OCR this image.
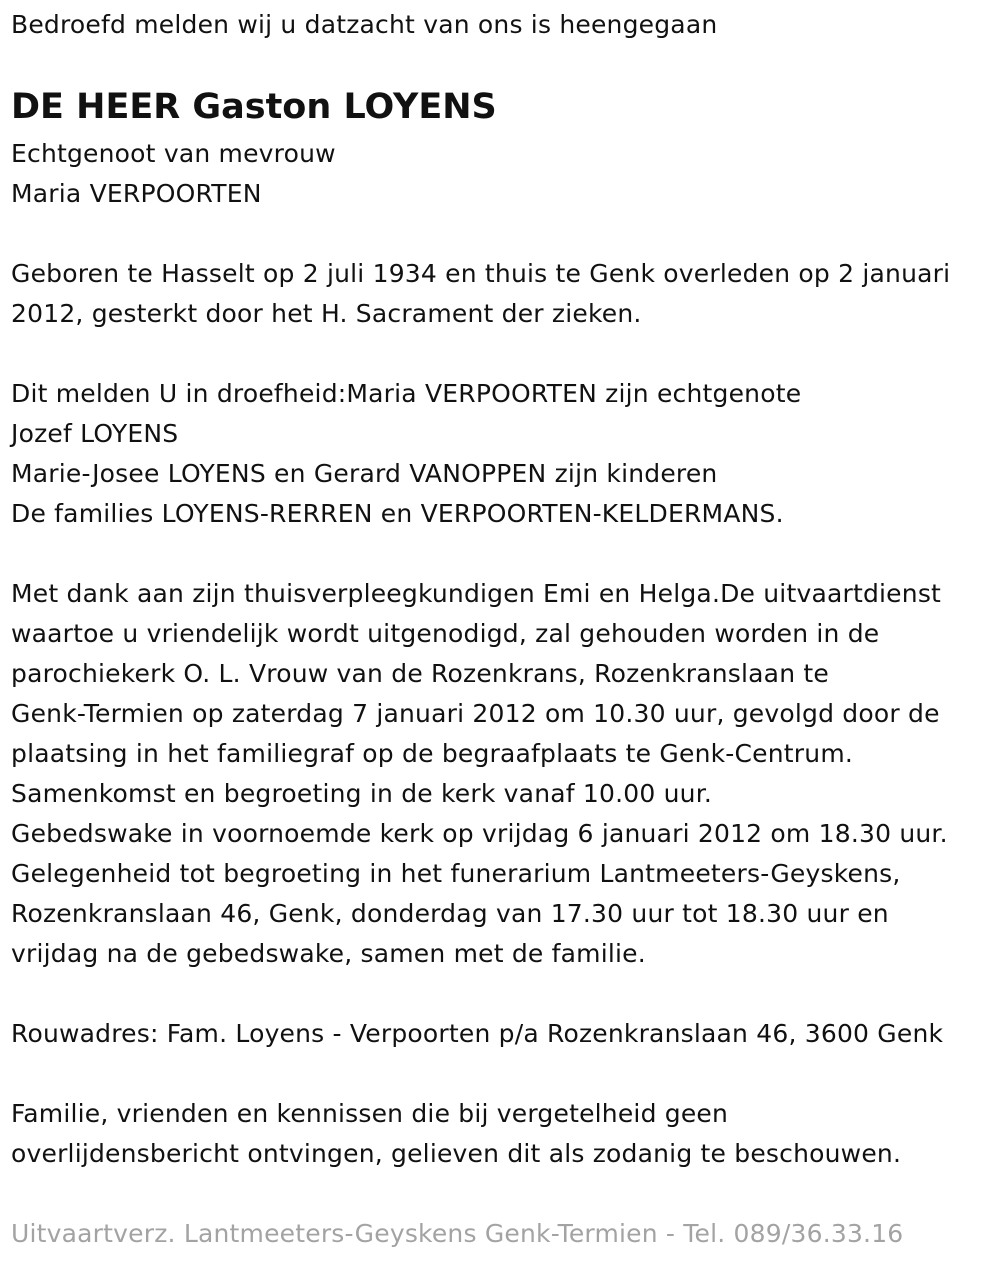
Bedroefd melden wij u datzacht van ons is heengegaan
DE HEER Gaston LOYENS
Echtgenoot van mevrouw
Maria VERPOORTEN
Geboren te Hasselt op 2 juli 1934 en thuis te Genk overleden op 2 januari
2012, gesterkt door het H. Sacrament der zieken.
Dit melden U in droefheid:Maria VERPOORTEN zijn echtgenote
Jozef LOYENS
Marie-Josee LOYENS en Gerard VANOPPEN zijn kinderen
De families LOYENS-RERREN en VERPOORTEN-KELDERMANS.
Met dank aan zijn thuisverpleegkundigen Emi en Helga.De uitvaartdienst
waartoe u vriendelijk wordt uitgenodigd, zal gehouden worden in de
parochiekerk O. L. Vrouw van de Rozenkrans, Rozenkranslaan te
Genk-Termien op zaterdag 7 januari 2012 om 10.30 uur, gevolgd door de
plaatsing in het familiegraf op de begraafplaats te Genk-Centrum.
Samenkomst en begroeting in de kerk vanaf 10.00 uur.
Gebedswake in voornoemde kerk op vrijdag 6 januari 2012 om 18.30 uur.
Gelegenheid tot begroeting in het funerarium Lantmeeters-Geyskens,
Rozenkranslaan 46, Genk, donderdag van 17.30 uur tot 18.30 uur en
vrijdag na de gebedswake, samen met de familie.
Rouwadres: Fam. Loyens - Verpoorten p/a Rozenkranslaan 46, 3600 Genk
Familie, vrienden en kennissen die bij vergetelheid geen
overlijdensbericht ontvingen, gelieven dit als zodanig te beschouwen.
Uitvaartverz. Lantmeeters-Geyskens Genk-Termien - Tel. 089/36.33.16
